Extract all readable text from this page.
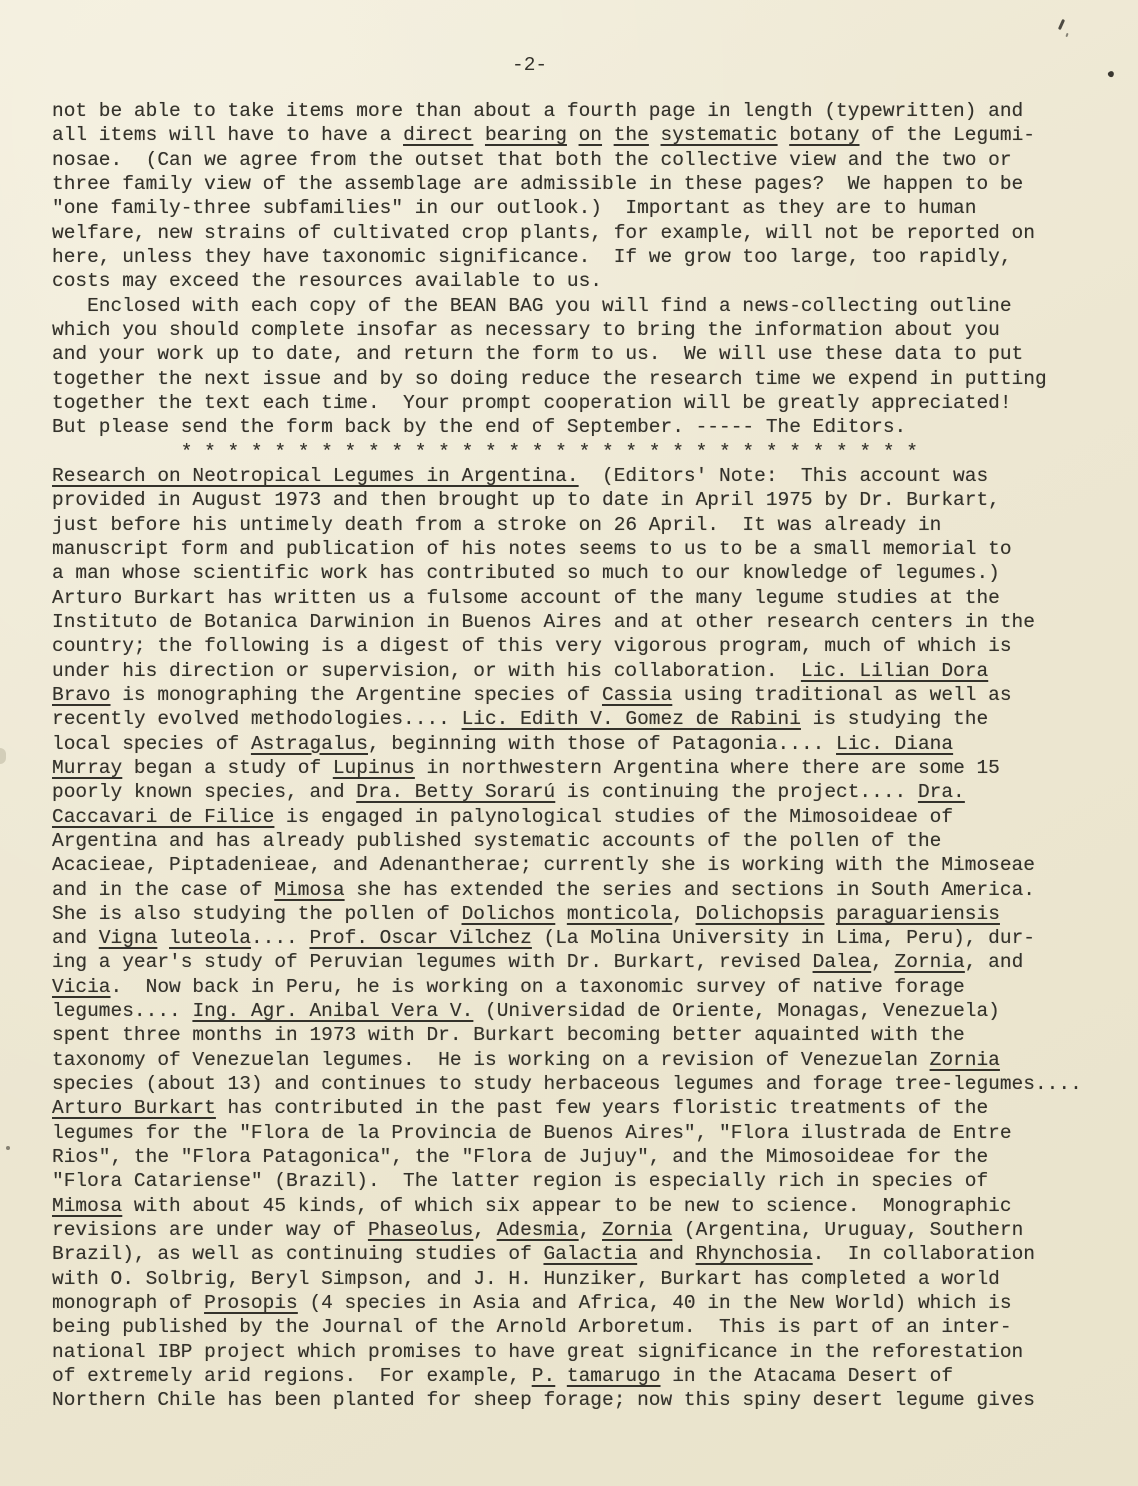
-2-
not be able to take items more than about a fourth page in length (typewritten) and
all items will have to have a direct bearing on the systematic botany of the Legumi-
nosae.  (Can we agree from the outset that both the collective view and the two or
three family view of the assemblage are admissible in these pages?  We happen to be
"one family-three subfamilies" in our outlook.)  Important as they are to human
welfare, new strains of cultivated crop plants, for example, will not be reported on
here, unless they have taxonomic significance.  If we grow too large, too rapidly,
costs may exceed the resources available to us.
Enclosed with each copy of the BEAN BAG you will find a news-collecting outline
which you should complete insofar as necessary to bring the information about you
and your work up to date, and return the form to us.  We will use these data to put
together the next issue and by so doing reduce the research time we expend in putting
together the text each time.  Your prompt cooperation will be greatly appreciated!
But please send the form back by the end of September. ----- The Editors.
* * * * * * * * * * * * * * * * * * * * * * * * * * * * * * * *
Research on Neotropical Legumes in Argentina.  (Editors' Note:  This account was
provided in August 1973 and then brought up to date in April 1975 by Dr. Burkart,
just before his untimely death from a stroke on 26 April.  It was already in
manuscript form and publication of his notes seems to us to be a small memorial to
a man whose scientific work has contributed so much to our knowledge of legumes.)
Arturo Burkart has written us a fulsome account of the many legume studies at the
Instituto de Botanica Darwinion in Buenos Aires and at other research centers in the
country; the following is a digest of this very vigorous program, much of which is
under his direction or supervision, or with his collaboration.  Lic. Lilian Dora
Bravo is monographing the Argentine species of Cassia using traditional as well as
recently evolved methodologies.... Lic. Edith V. Gomez de Rabini is studying the
local species of Astragalus, beginning with those of Patagonia.... Lic. Diana
Murray began a study of Lupinus in northwestern Argentina where there are some 15
poorly known species, and Dra. Betty Sorarú is continuing the project.... Dra.
Caccavari de Filice is engaged in palynological studies of the Mimosoideae of
Argentina and has already published systematic accounts of the pollen of the
Acacieae, Piptadenieae, and Adenantherae; currently she is working with the Mimoseae
and in the case of Mimosa she has extended the series and sections in South America.
She is also studying the pollen of Dolichos monticola, Dolichopsis paraguariensis
and Vigna luteola.... Prof. Oscar Vilchez (La Molina University in Lima, Peru), dur-
ing a year's study of Peruvian legumes with Dr. Burkart, revised Dalea, Zornia, and
Vicia.  Now back in Peru, he is working on a taxonomic survey of native forage
legumes.... Ing. Agr. Anibal Vera V. (Universidad de Oriente, Monagas, Venezuela)
spent three months in 1973 with Dr. Burkart becoming better aquainted with the
taxonomy of Venezuelan legumes.  He is working on a revision of Venezuelan Zornia
species (about 13) and continues to study herbaceous legumes and forage tree-legumes....
Arturo Burkart has contributed in the past few years floristic treatments of the
legumes for the "Flora de la Provincia de Buenos Aires", "Flora ilustrada de Entre
Rios", the "Flora Patagonica", the "Flora de Jujuy", and the Mimosoideae for the
"Flora Catariense" (Brazil).  The latter region is especially rich in species of
Mimosa with about 45 kinds, of which six appear to be new to science.  Monographic
revisions are under way of Phaseolus, Adesmia, Zornia (Argentina, Uruguay, Southern
Brazil), as well as continuing studies of Galactia and Rhynchosia.  In collaboration
with O. Solbrig, Beryl Simpson, and J. H. Hunziker, Burkart has completed a world
monograph of Prosopis (4 species in Asia and Africa, 40 in the New World) which is
being published by the Journal of the Arnold Arboretum.  This is part of an inter-
national IBP project which promises to have great significance in the reforestation
of extremely arid regions.  For example, P. tamarugo in the Atacama Desert of
Northern Chile has been planted for sheep forage; now this spiny desert legume gives
